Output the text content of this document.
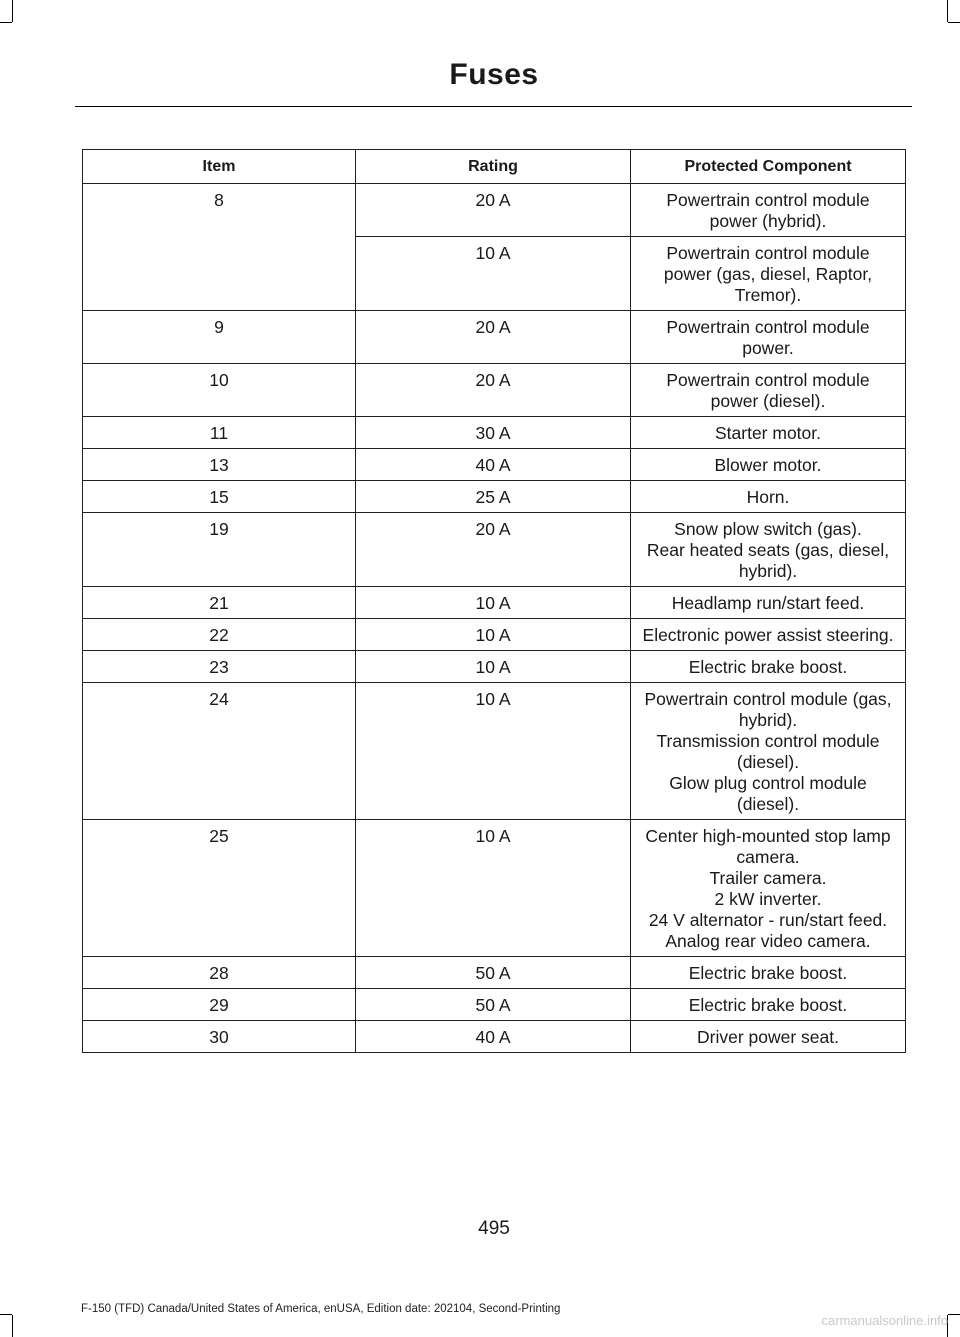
Fuses
Item	Rating	Protected Component
8	20 A	Powertrain control module power (hybrid).

	10 A	Powertrain control module power (gas, diesel, Raptor, Tremor).

9	20 A	Powertrain control module power.

10	20 A	Powertrain control module power (diesel).

11	30 A	Starter motor.

13	40 A	Blower motor.

15	25 A	Horn.

19	20 A	Snow plow switch (gas).
Rear heated seats (gas, diesel, hybrid).

21	10 A	Headlamp run/start feed.

22	10 A	Electronic power assist steering.

23	10 A	Electric brake boost.

24	10 A	Powertrain control module (gas, hybrid).
Transmission control module (diesel).
Glow plug control module (diesel).

25	10 A	Center high-mounted stop lamp camera.
Trailer camera.
2 kW inverter.
24 V alternator - run/start feed.
Analog rear video camera.

28	50 A	Electric brake boost.

29	50 A	Electric brake boost.

30	40 A	Driver power seat.
495
F-150 (TFD) Canada/United States of America, enUSA, Edition date: 202104, Second-Printing
carmanualsonline.info
